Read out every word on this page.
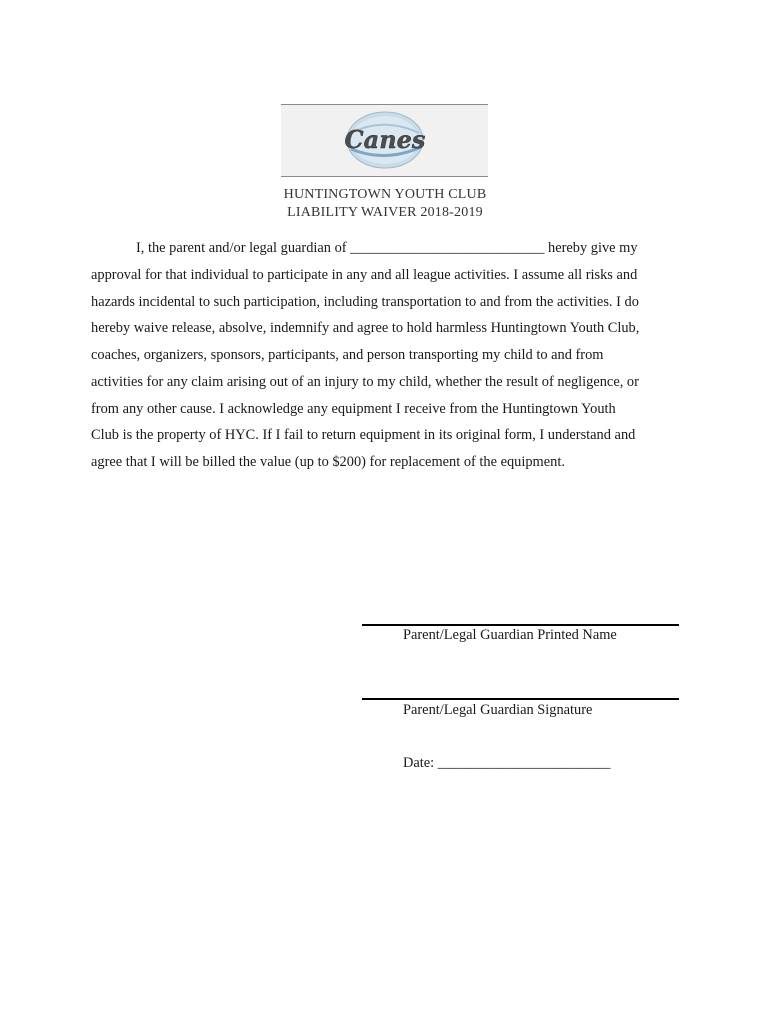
Canes
HUNTINGTOWN YOUTH CLUB
LIABILITY WAIVER 2018-2019
I, the parent and/or legal guardian of ___________________________ hereby give my
approval for that individual to participate in any and all league activities. I assume all risks and
hazards incidental to such participation, including transportation to and from the activities. I do
hereby waive release, absolve, indemnify and agree to hold harmless Huntingtown Youth Club,
coaches, organizers, sponsors, participants, and person transporting my child to and from
activities for any claim arising out of an injury to my child, whether the result of negligence, or
from any other cause. I acknowledge any equipment I receive from the Huntingtown Youth
Club is the property of HYC. If I fail to return equipment in its original form, I understand and
agree that I will be billed the value (up to $200) for replacement of the equipment.
Parent/Legal Guardian Printed Name
Parent/Legal Guardian Signature
Date: ________________________
